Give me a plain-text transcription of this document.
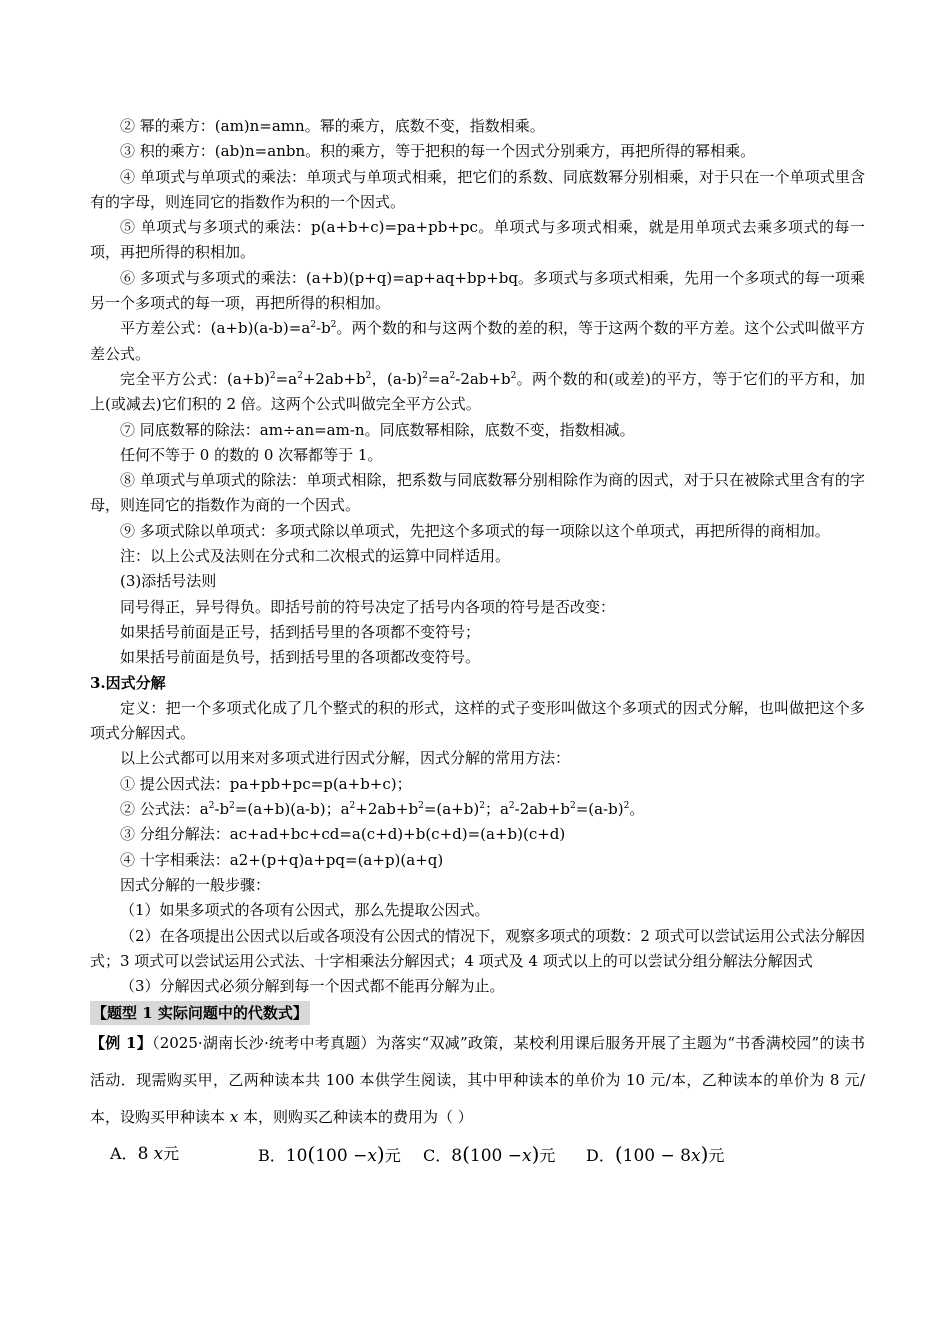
② 幂的乘方：(am)n=amn。幂的乘方，底数不变，指数相乘。

③ 积的乘方：(ab)n=anbn。积的乘方，等于把积的每一个因式分别乘方，再把所得的幂相乘。

④ 单项式与单项式的乘法：单项式与单项式相乘，把它们的系数、同底数幂分别相乘，对于只在一个单项式里含有的字母，则连同它的指数作为积的一个因式。

⑤ 单项式与多项式的乘法：p(a+b+c)=pa+pb+pc。单项式与多项式相乘，就是用单项式去乘多项式的每一项，再把所得的积相加。

⑥ 多项式与多项式的乘法：(a+b)(p+q)=ap+aq+bp+bq。多项式与多项式相乘，先用一个多项式的每一项乘另一个多项式的每一项，再把所得的积相加。

平方差公式：$(a+b)(a-b)=a^2-b^2$。两个数的和与这两个数的差的积，等于这两个数的平方差。这个公式叫做平方差公式。

完全平方公式：$(a+b)^2=a^2+2ab+b^2$，$(a-b)^2=a^2-2ab+b^2$。两个数的和(或差)的平方，等于它们的平方和，加上(或减去)它们积的 2 倍。这两个公式叫做完全平方公式。

⑦ 同底数幂的除法：am÷an=am-n。同底数幂相除，底数不变，指数相减。

任何不等于 0 的数的 0 次幂都等于 1。

⑧ 单项式与单项式的除法：单项式相除，把系数与同底数幂分别相除作为商的因式，对于只在被除式里含有的字母，则连同它的指数作为商的一个因式。

⑨ 多项式除以单项式：多项式除以单项式，先把这个多项式的每一项除以这个单项式，再把所得的商相加。

注：以上公式及法则在分式和二次根式的运算中同样适用。

(3)添括号法则

同号得正，异号得负。即括号前的符号决定了括号内各项的符号是否改变：

如果括号前面是正号，括到括号里的各项都不变符号；

如果括号前面是负号，括到括号里的各项都改变符号。

3.因式分解

定义：把一个多项式化成了几个整式的积的形式，这样的式子变形叫做这个多项式的因式分解，也叫做把这个多项式分解因式。

以上公式都可以用来对多项式进行因式分解，因式分解的常用方法：

① 提公因式法：pa+pb+pc=p(a+b+c)；

② 公式法：$a^2-b^2=(a+b)(a-b)$；$a^2+2ab+b^2=(a+b)^2$；$a^2-2ab+b^2=(a-b)^2$。

③ 分组分解法：ac+ad+bc+cd=a(c+d)+b(c+d)=(a+b)(c+d)

④ 十字相乘法：a2+(p+q)a+pq=(a+p)(a+q)

因式分解的一般步骤：

（1）如果多项式的各项有公因式，那么先提取公因式。

（2）在各项提出公因式以后或各项没有公因式的情况下，观察多项式的项数：2 项式可以尝试运用公式法分解因式；3 项式可以尝试运用公式法、十字相乘法分解因式；4 项式及 4 项式以上的可以尝试分组分解法分解因式

（3）分解因式必须分解到每一个因式都不能再分解为止。

【题型 1 实际问题中的代数式】

【例 1】（2025·湖南长沙·统考中考真题）为落实“双减”政策，某校利用课后服务开展了主题为“书香满校园”的读书活动．现需购买甲，乙两种读本共 100 本供学生阅读，其中甲种读本的单价为 10 元/本，乙种读本的单价为 8 元/本，设购买甲种读本 x 本，则购买乙种读本的费用为（ ）

A． 8
x 元	B． 10 ( 100 − x ) 元 C． 8 ( 100 − x ) 元 D． ( 100 − 8 x ) 元
